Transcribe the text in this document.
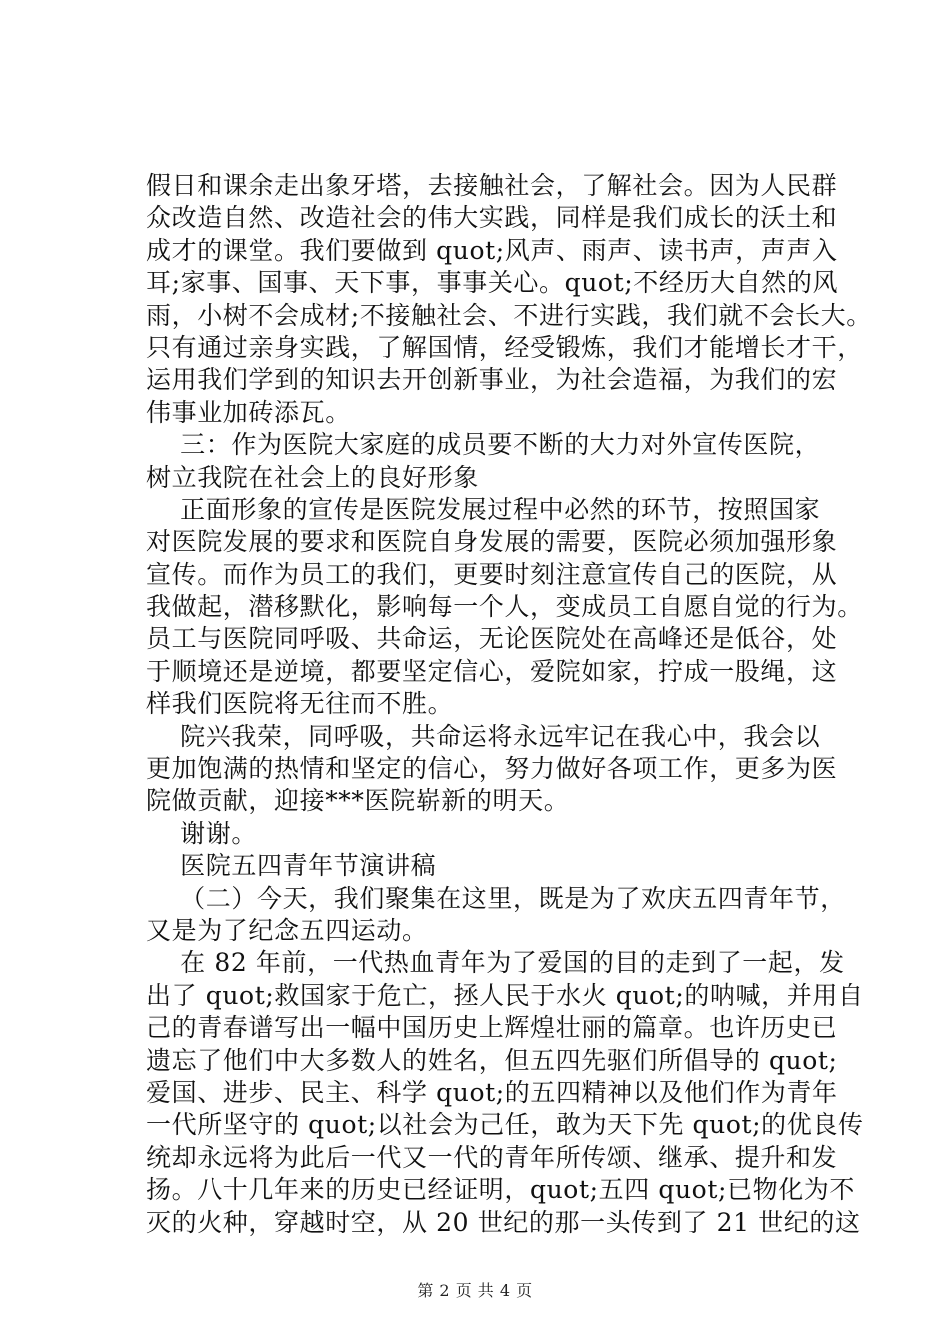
假日和课余走出象牙塔，去接触社会，了解社会。因为人民群
众改造自然、改造社会的伟大实践，同样是我们成长的沃土和
成才的课堂。我们要做到 quot;风声、雨声、读书声，声声入
耳;家事、国事、天下事，事事关心。quot;不经历大自然的风
雨，小树不会成材;不接触社会、不进行实践，我们就不会长大。
只有通过亲身实践，了解国情，经受锻炼，我们才能增长才干，
运用我们学到的知识去开创新事业，为社会造福，为我们的宏
伟事业加砖添瓦。
三：作为医院大家庭的成员要不断的大力对外宣传医院，
树立我院在社会上的良好形象
正面形象的宣传是医院发展过程中必然的环节，按照国家
对医院发展的要求和医院自身发展的需要，医院必须加强形象
宣传。而作为员工的我们，更要时刻注意宣传自己的医院，从
我做起，潜移默化，影响每一个人，变成员工自愿自觉的行为。
员工与医院同呼吸、共命运，无论医院处在高峰还是低谷，处
于顺境还是逆境，都要坚定信心，爱院如家，拧成一股绳，这
样我们医院将无往而不胜。
院兴我荣，同呼吸，共命运将永远牢记在我心中，我会以
更加饱满的热情和坚定的信心，努力做好各项工作，更多为医
院做贡献，迎接***医院崭新的明天。
谢谢。
医院五四青年节演讲稿
（二）今天，我们聚集在这里，既是为了欢庆五四青年节，
又是为了纪念五四运动。
在 82 年前，一代热血青年为了爱国的目的走到了一起，发
出了 quot;救国家于危亡，拯人民于水火 quot;的呐喊，并用自
己的青春谱写出一幅中国历史上辉煌壮丽的篇章。也许历史已
遗忘了他们中大多数人的姓名，但五四先驱们所倡导的 quot;
爱国、进步、民主、科学 quot;的五四精神以及他们作为青年
一代所坚守的 quot;以社会为己任，敢为天下先 quot;的优良传
统却永远将为此后一代又一代的青年所传颂、继承、提升和发
扬。八十几年来的历史已经证明，quot;五四 quot;已物化为不
灭的火种，穿越时空，从 20 世纪的那一头传到了 21 世纪的这
第 2 页 共 4 页
